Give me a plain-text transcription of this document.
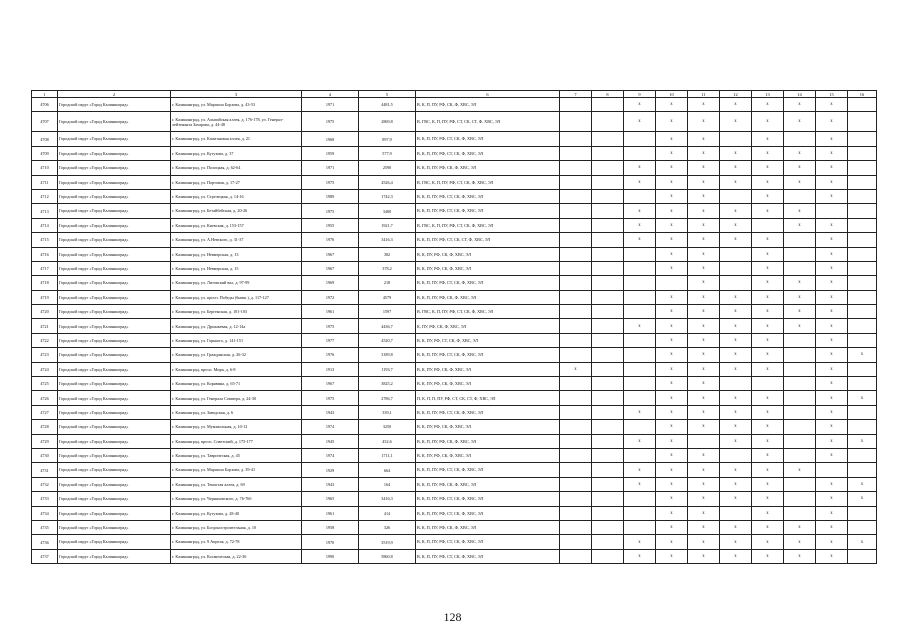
1	2	3	4	5	6	7	8	9	10	11	12	13	14	15	16
4706	Городской округ «Город Калининград»	г. Калининград, ул. Маршала Борзова, д. 43-53	1971	4481,5	В, К, П, ПУ, РФ, СК, Ф, ХВС, ЭЛ			x	x	x	x	x	x	x	
4707	Городской округ «Город Калининград»	г. Калининград, ул. Альпийская аллея, д. 176-178, ул. Генерал-лейтенанта Захарова, д. 44-48	1975	2869,8	В, ГВС, К, П, ПУ, РФ, СТ, СК, СТ, Ф, ХВС, ЭЛ			x	x	x	x	x	x	x	
4708	Городской округ «Город Калининград»	г. Калининград, ул. Каштановая аллея, д. 21	1968	897,9	В, К, П, ПУ, РФ, СТ, СК, Ф, ХВС, ЭЛ				x	x		x		x	
4709	Городской округ «Город Калининград»	г. Калининград, ул. Кутузова, д. 37	1959	577,9	В, К, П, ПУ, РФ, СТ, СК, Ф, ХВС, ЭЛ				x	x	x	x	x	x	
4710	Городской округ «Город Калининград»	г. Калининград, ул. Полоцкая, д. 62-64	1971	2590	В, К, П, ПУ, РФ, СК, Ф, ХВС, ЭЛ			x	x	x	x	x	x	x	
4711	Городской округ «Город Калининград»	г. Калининград, ул. Портовая, д. 17-27	1975	4526,4	В, ГВС, К, П, ПУ, РФ, СТ, СК, Ф, ХВС, ЭЛ			x	x	x	x	x	x	x	
4712	Городской округ «Город Калининград»	г. Калининград, ул. Стрелецкая, д. 14-16	1989	1742,3	В, К, П, ПУ, РФ, СТ, СК, Ф, ХВС, ЭЛ				x	x		x		x	
4713	Городской округ «Город Калининград»	г. Калининград, ул. Бетайбейская, д. 20-26	1975	3400	В, К, П, ПУ, РФ, СТ, СК, Ф, ХВС, ЭЛ			x	x	x	x	x	x		
4714	Городской округ «Город Калининград»	г. Калининград, ул. Киевская, д. 153-157	1955	1921,7	В, ГВС, К, П, ПУ, РФ, СТ, СК, Ф, ХВС, ЭЛ			x	x	x	x		x	x	
4715	Городской округ «Город Калининград»	г. Калининград, ул. А.Невского, д. 31-37	1976	3416,3	В, К, П, ПУ, РФ, СТ, СК, СТ, Ф, ХВС, ЭЛ			x	x	x	x	x		x	
4716	Городской округ «Город Калининград»	г. Калининград, ул. Невмерская, д. 13	1967	382	В, К, ПУ, РФ, СК, Ф, ХВС, ЭЛ				x	x		x		x	
4717	Городской округ «Город Калининград»	г. Калининград, ул. Невмерская, д. 15	1967	378,2	В, К, ПУ, РФ, СК, Ф, ХВС, ЭЛ				x	x		x		x	
4718	Городской округ «Город Калининград»	г. Калининград, ул. Литовский вал, д. 97-99	1969	218	В, К, П, ПУ, РФ, СТ, СК, Ф, ХВС, ЭЛ					x		x	x	x	
4719	Городской округ «Город Калининград»	г. Калининград, ул. просп. Победы (бывш.), д. 117-127	1972	4579	В, К, П, ПУ, РФ, СК, Ф, ХВС, ЭЛ				x	x	x	x	x	x	
4720	Городской округ «Город Калининград»	г. Калининград, ул. Бергенская, д. 101-103	1961	1597	В, ГВС, К, П, ПУ, РФ, СТ, СК, Ф, ХВС, ЭЛ				x	x	x	x	x	x	
4721	Городской округ «Город Калининград»	г. Калининград, ул. Дрожжевая, д. 12-14а	1975	4436,7	К, ПУ, РФ, СК, Ф, ХВС, ЭЛ			x	x	x	x	x	x	x	
4722	Городской округ «Город Калининград»	г. Калининград, ул. Горького, д. 141-151	1977	4520,7	В, К, ПУ, РФ, СТ, СК, Ф, ХВС, ЭЛ				x	x	x	x		x	
4723	Городской округ «Город Калининград»	г. Калининград, ул. Гражданская, д. 26-32	1976	3189,8	В, К, П, ПУ, РФ, СТ, СК, Ф, ХВС, ЭЛ				x	x	x	x		x	x
4724	Городской округ «Город Калининград»	г. Калининград, просп. Мира, д. 6-8	1913	1193,7	В, К, ПУ, РФ, СК, Ф, ХВС, ЭЛ	x			x	x	x	x		x	
4725	Городской округ «Город Калининград»	г. Калининград, ул. Корявина, д. 65-71	1967	3825,2	В, К, ПУ, РФ, СК, Ф, ХВС, ЭЛ				x	x				x	
4726	Городской округ «Город Калининград»	г. Калининград, ул. Генерала Соммера, д. 24-30	1975	2786,7	П, К, П, П, ПУ, РФ, СТ, СК, СТ, Ф, ХВС, ЭЛ				x	x	x	x		x	x
4727	Городской округ «Город Калининград»	г. Калининград, ул. Заводская, д. 6	1943	339,1	В, К, П, ПУ, РФ, СТ, СК, Ф, ХВС, ЭЛ			x	x	x	x	x		x	
4728	Городской округ «Город Калининград»	г. Калининград, ул. Мукомольная, д. 10-12	1974	3250	В, К, ПУ, РФ, СК, Ф, ХВС, ЭЛ				x	x	x	x		x	
4729	Городской округ «Город Калининград»	г. Калининград, просп. Советский, д. 175-177	1945	452,6	В, К, П, ПУ, РФ, СК, Ф, ХВС, ЭЛ			x	x		x	x		x	x
4730	Городской округ «Город Калининград»	г. Калининград, ул. Таврическая, д. 45	1974	1711,1	В, К, ПУ, РФ, СК, Ф, ХВС, ЭЛ				x	x		x		x	
4731	Городской округ «Город Калининград»	г. Калининград, ул. Маршала Борзова, д. 39-41	1929	664	В, К, П, ПУ, РФ, СТ, СК, Ф, ХВС, ЭЛ			x	x	x	x	x	x		
4732	Городской округ «Город Калининград»	г. Калининград, ул. Тенистая аллея, д. 69	1943	164	В, К, П, ПУ, РФ, СК, Ф, ХВС, ЭЛ			x	x	x	x	x		x	x
4733	Городской округ «Город Калининград»	г. Калининград, ул. Черняховского, д. 76-76б	1965	3416,3	В, К, П, ПУ, РФ, СТ, СК, Ф, ХВС, ЭЛ				x	x	x	x		x	x
4734	Городской округ «Город Калининград»	г. Калининград, ул. Кутузова, д. 28-40	1961	414	В, К, П, ПУ, РФ, СТ, СК, Ф, ХВС, ЭЛ				x	x		x		x	
4735	Городской округ «Город Калининград»	г. Калининград, ул. Богдоностроительная, д. 10	1958	326	В, К, П, ПУ, РФ, СК, Ф, ХВС, ЭЛ				x	x	x	x	x	x	
4736	Городской округ «Город Калининград»	г. Калининград, ул. 9 Апреля, д. 72-78	1970	3519,9	В, К, П, ПУ, РФ, СТ, СК, Ф, ХВС, ЭЛ			x	x	x	x	x	x	x	x
4737	Городской округ «Город Калининград»	г. Калининград, ул. Космическая, д. 22-36	1990	5860,8	В, К, П, ПУ, РФ, СТ, СК, Ф, ХВС, ЭЛ			x	x	x	x	x	x	x	
128
